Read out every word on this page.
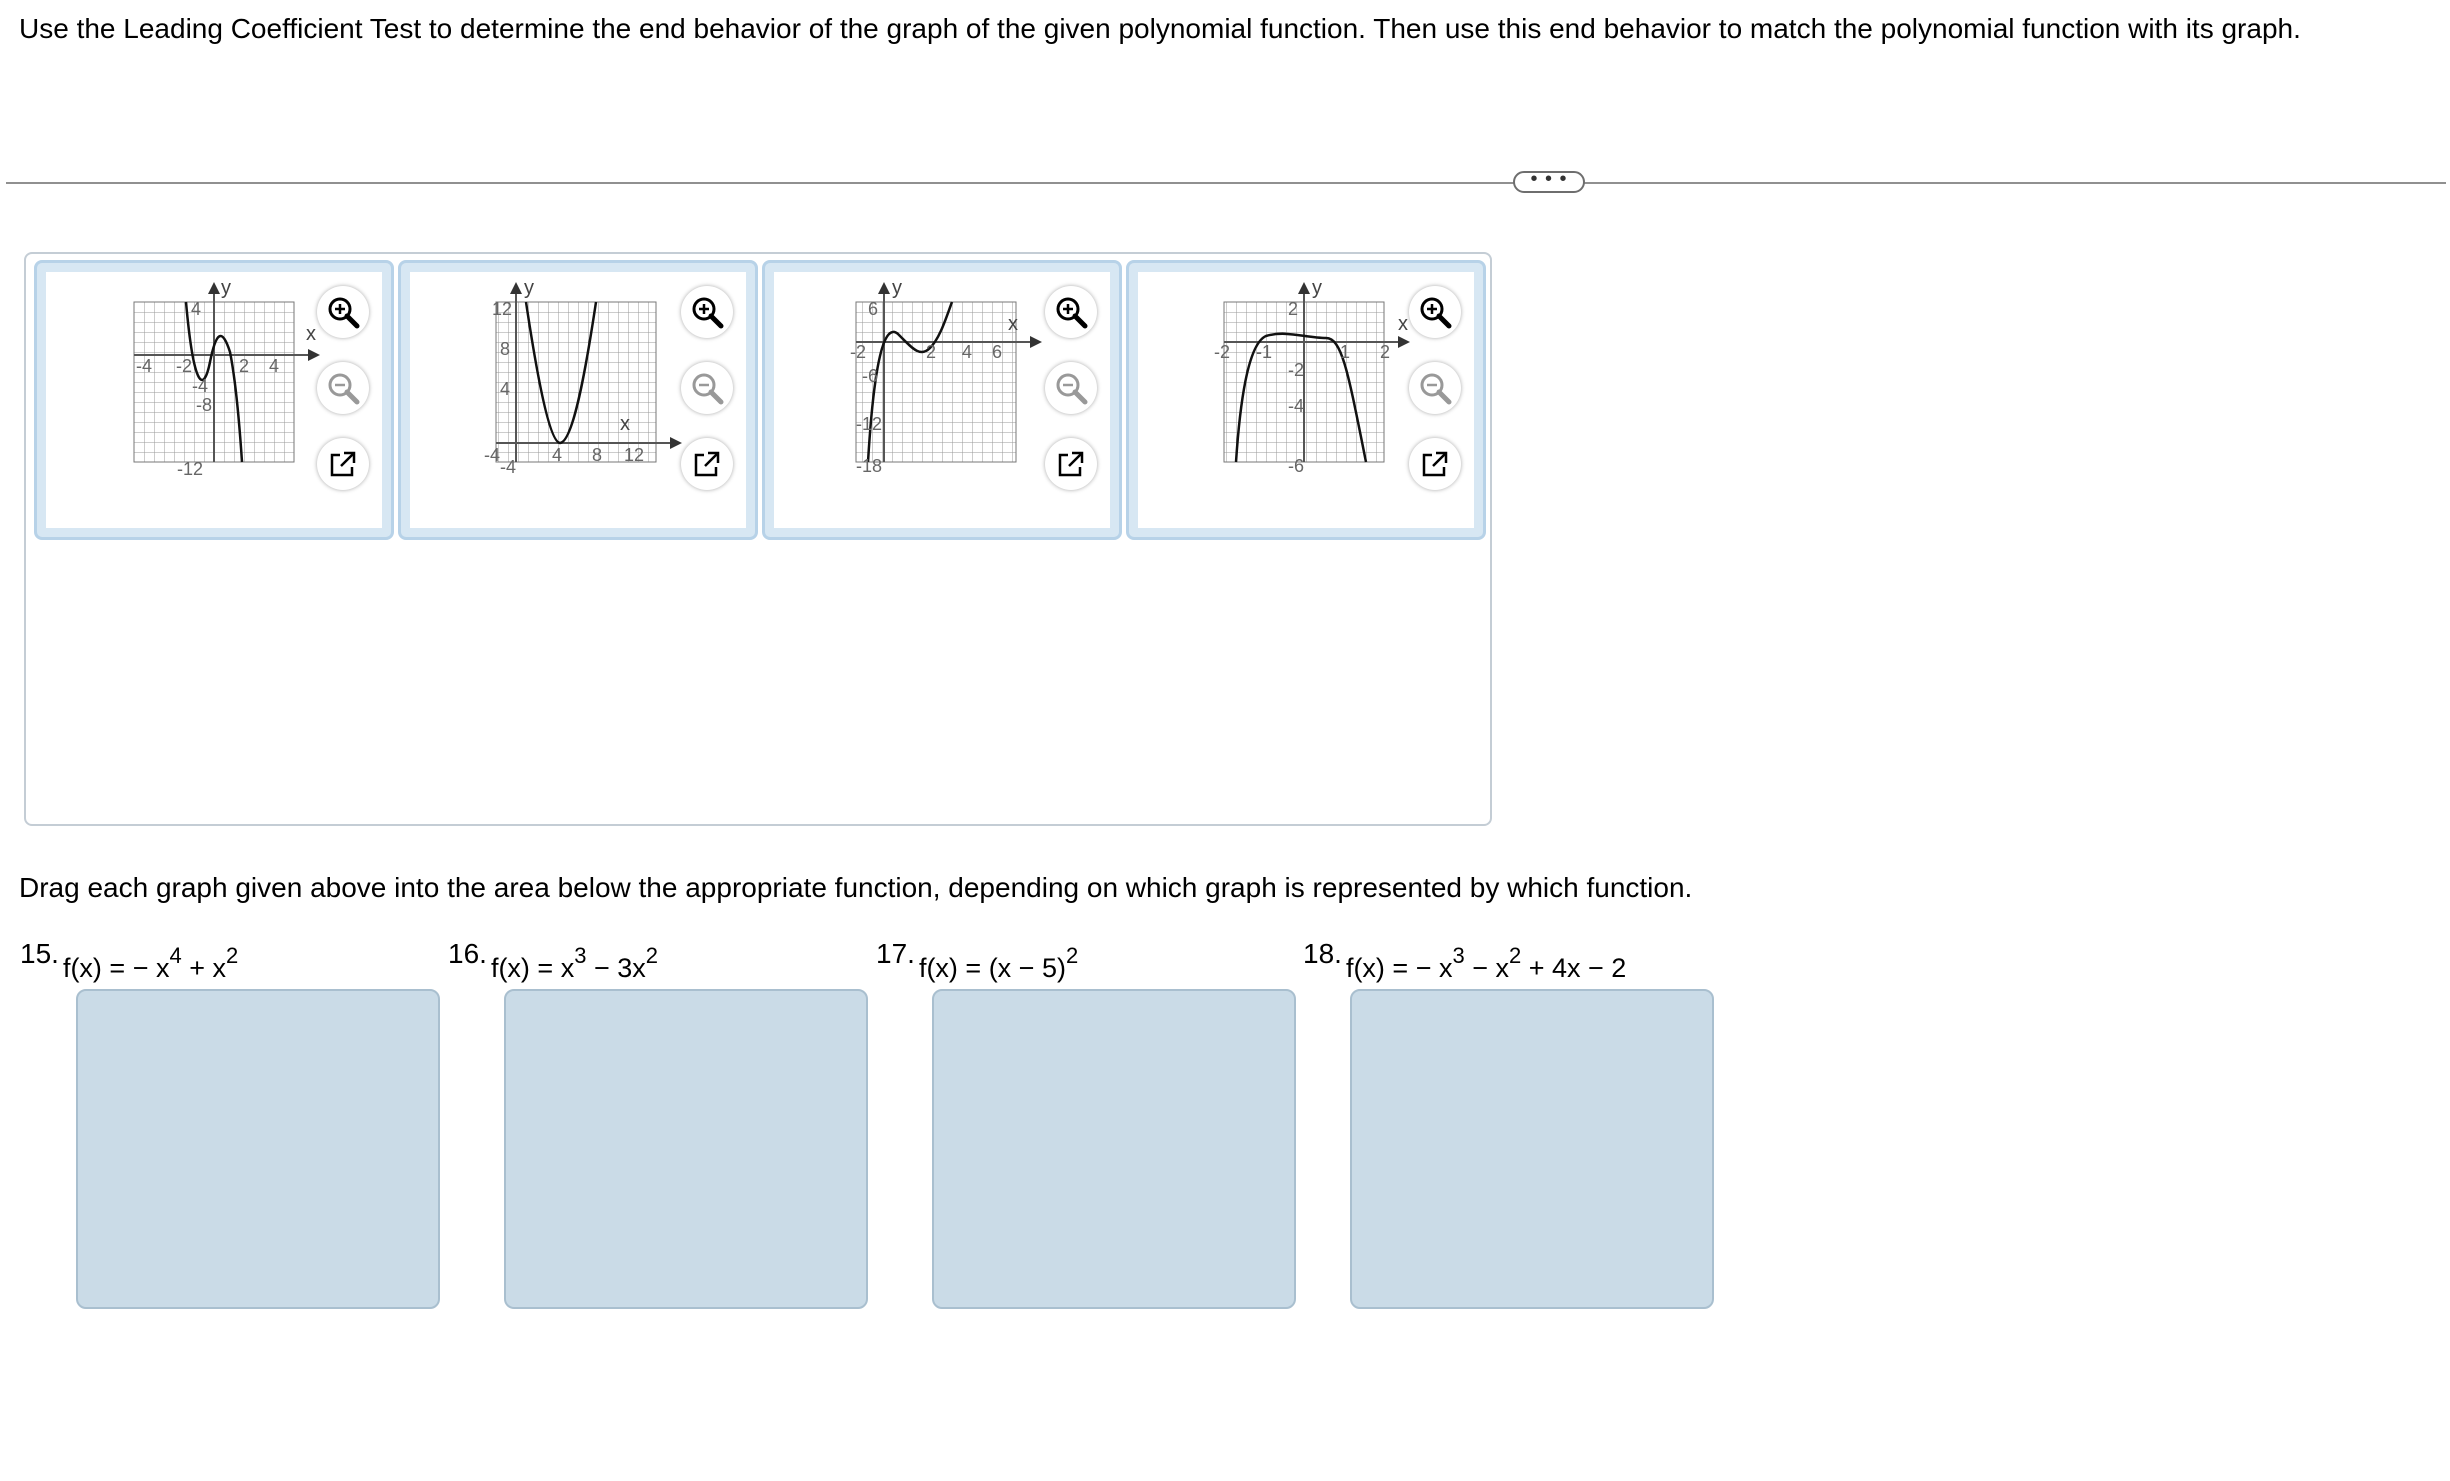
Use the Leading Coefficient Test to determine the end behavior of the graph of the given polynomial function. Then use this end behavior to match the polynomial function with its graph.
• • •
y
x
4
-8
-12
-4 -2	2 4
-4
y
x
12
8
4
-4
-4	4 8 12
y
x
6
-6
-12
-18
-2	2 4 6
y
x
2
-2
-4
-6
-2 -1	1 2
Drag each graph given above into the area below the appropriate function, depending on which graph is represented by which function.
15. f(x) = − $x^4 + x^2$	16. $f(x) = x^3 - 3x^2$	17. $f(x) = (x - 5)^2$	18. f(x) = − $x^3 - x^2 + 4x - 2$
